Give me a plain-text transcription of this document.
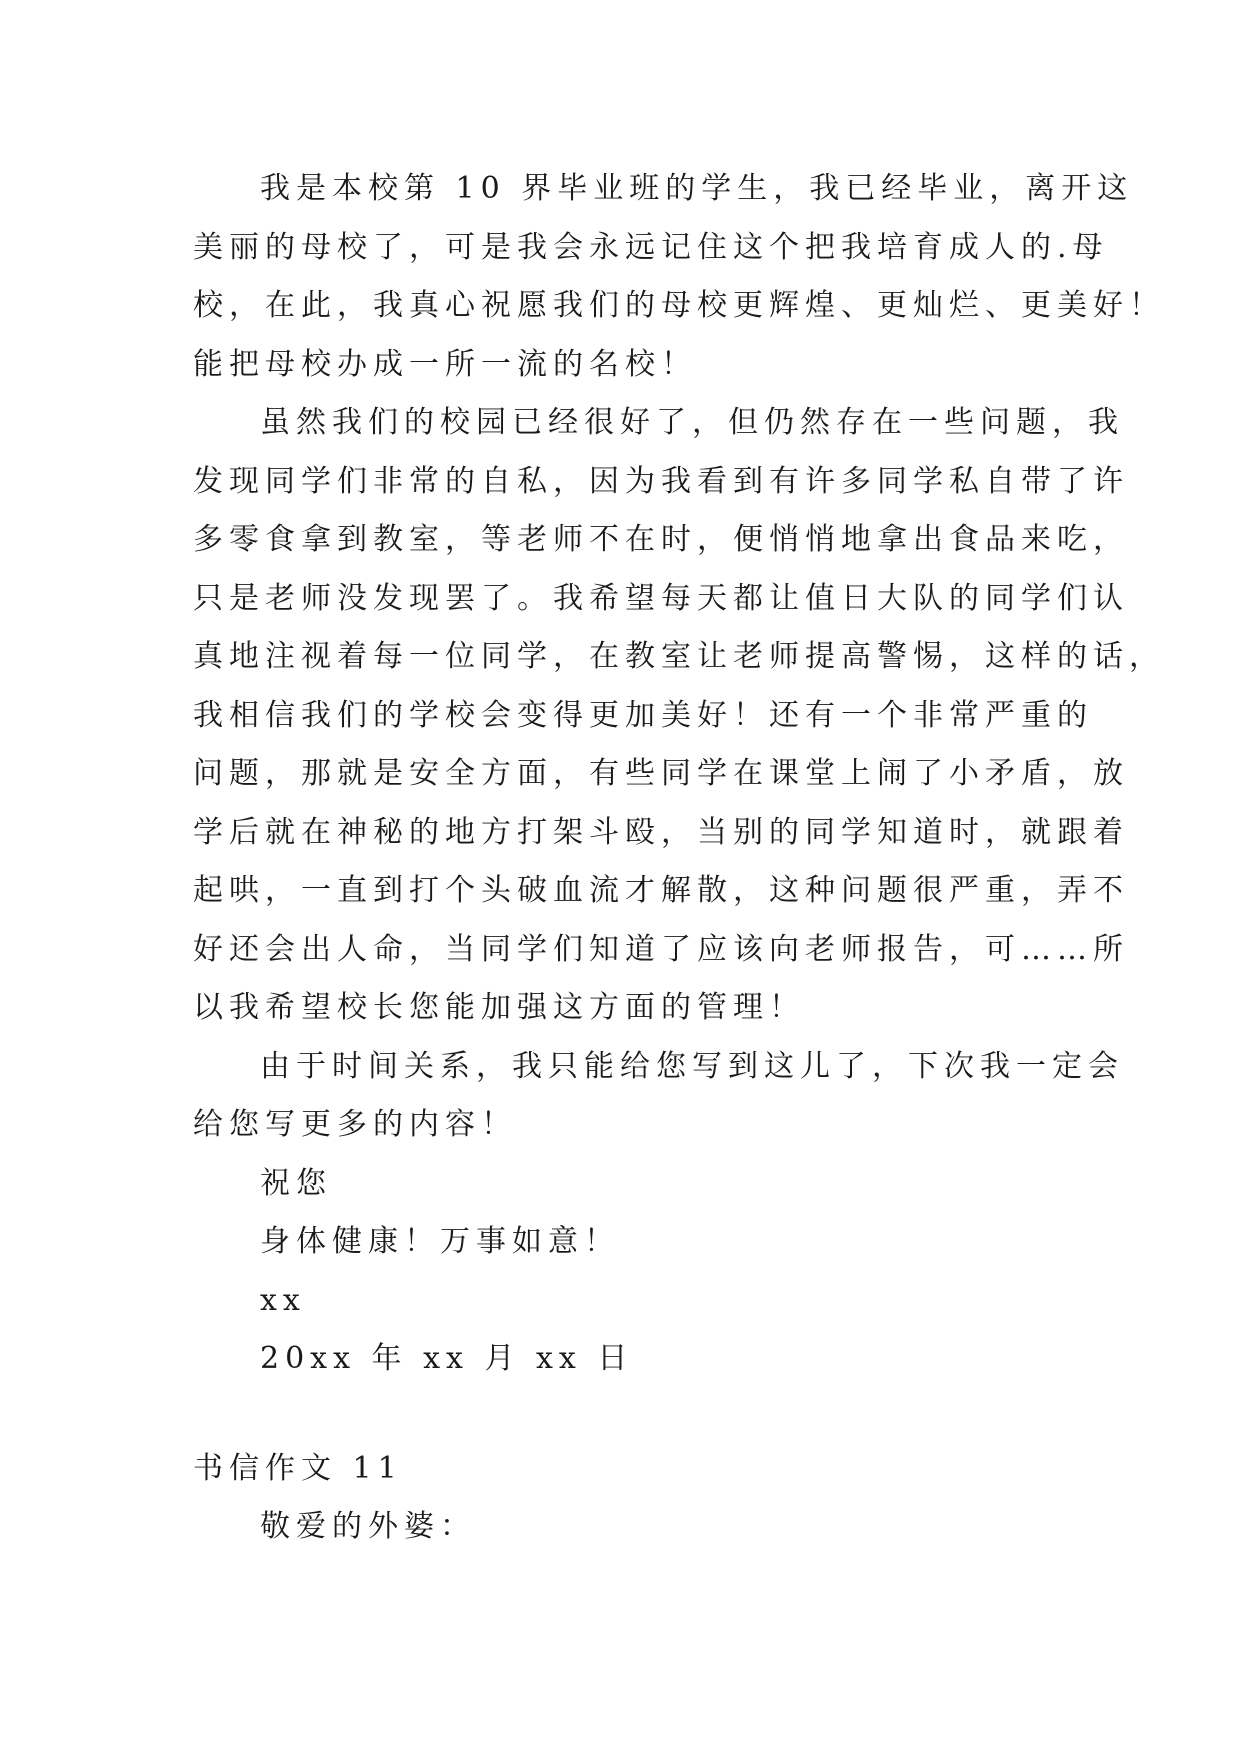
我是本校第 10 界毕业班的学生，我已经毕业，离开这
美丽的母校了，可是我会永远记住这个把我培育成人的.母
校，在此，我真心祝愿我们的母校更辉煌、更灿烂、更美好！
能把母校办成一所一流的名校！
虽然我们的校园已经很好了，但仍然存在一些问题，我
发现同学们非常的自私，因为我看到有许多同学私自带了许
多零食拿到教室，等老师不在时，便悄悄地拿出食品来吃，
只是老师没发现罢了。我希望每天都让值日大队的同学们认
真地注视着每一位同学，在教室让老师提高警惕，这样的话，
我相信我们的学校会变得更加美好！还有一个非常严重的
问题，那就是安全方面，有些同学在课堂上闹了小矛盾，放
学后就在神秘的地方打架斗殴，当别的同学知道时，就跟着
起哄，一直到打个头破血流才解散，这种问题很严重，弄不
好还会出人命，当同学们知道了应该向老师报告，可……所
以我希望校长您能加强这方面的管理！
由于时间关系，我只能给您写到这儿了，下次我一定会
给您写更多的内容！
祝您
身体健康！万事如意！
xx
20xx 年 xx 月 xx 日
书信作文 11
敬爱的外婆：
